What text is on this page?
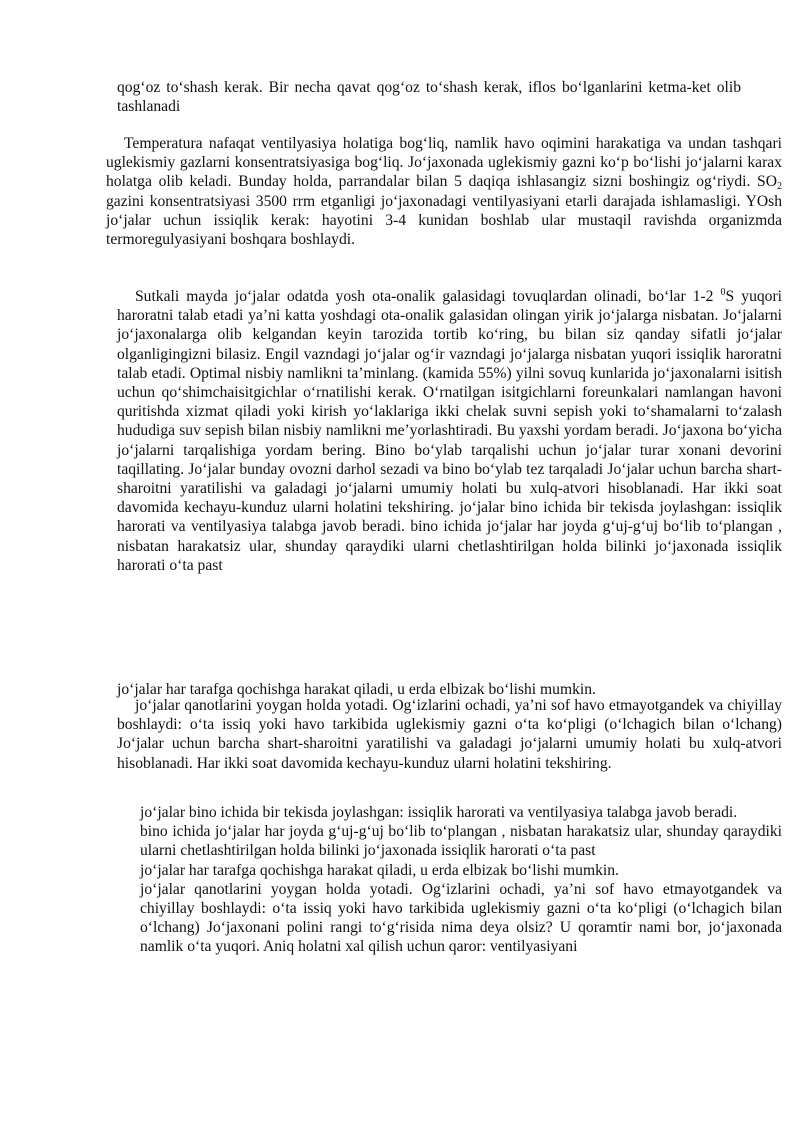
qog‘oz to‘shash kerak. Bir necha qavat qog‘oz to‘shash kerak, iflos bo‘lganlarini ketma-ket olib tashlanadi

Temperatura nafaqat ventilyasiya holatiga bog‘liq, namlik havo oqimini harakatiga va undan tashqari uglekismiy gazlarni konsentratsiyasiga bog‘liq. Jo‘jaxonada uglekismiy gazni ko‘p bo‘lishi jo‘jalarni karax holatga olib keladi. Bunday holda, parrandalar bilan 5 daqiqa ishlasangiz sizni boshingiz og‘riydi. $SO_2$ gazini konsentratsiyasi 3500 rrm etganligi jo‘jaxonadagi ventilyasiyani etarli darajada ishlamasligi. YOsh jo‘jalar uchun issiqlik kerak: hayotini 3-4 kunidan boshlab ular mustaqil ravishda organizmda termoregulyasiyani boshqara boshlaydi.

Sutkali mayda jo‘jalar odatda yosh ota-onalik galasidagi tovuqlardan olinadi, bo‘lar 1-2 $^0$S yuqori haroratni talab etadi ya’ni katta yoshdagi ota-onalik galasidan olingan yirik jo‘jalarga nisbatan. Jo‘jalarni jo‘jaxonalarga olib kelgandan keyin tarozida tortib ko‘ring, bu bilan siz qanday sifatli jo‘jalar olganligingizni bilasiz. Engil vazndagi jo‘jalar og‘ir vazndagi jo‘jalarga nisbatan yuqori issiqlik haroratni talab etadi. Optimal nisbiy namlikni ta’minlang. (kamida 55%) yilni sovuq kunlarida jo‘jaxonalarni isitish uchun qo‘shimchaisitgichlar o‘rnatilishi kerak. O‘rnatilgan isitgichlarni foreunkalari namlangan havoni quritishda xizmat qiladi yoki kirish yo‘laklariga ikki chelak suvni sepish yoki to‘shamalarni to‘zalash hududiga suv sepish bilan nisbiy namlikni me’yorlashtiradi. Bu yaxshi yordam beradi. Jo‘jaxona bo‘yicha jo‘jalarni tarqalishiga yordam bering. Bino bo‘ylab tarqalishi uchun jo‘jalar turar xonani devorini taqillating. Jo‘jalar bunday ovozni darhol sezadi va bino bo‘ylab tez tarqaladi Jo‘jalar uchun barcha shart-sharoitni yaratilishi va galadagi jo‘jalarni umumiy holati bu xulq-atvori hisoblanadi. Har ikki soat davomida kechayu-kunduz ularni holatini tekshiring. jo‘jalar bino ichida bir tekisda joylashgan: issiqlik harorati va ventilyasiya talabga javob beradi. bino ichida jo‘jalar har joyda g‘uj-g‘uj bo‘lib to‘plangan , nisbatan harakatsiz ular, shunday qaraydiki ularni chetlashtirilgan holda bilinki jo‘jaxonada issiqlik harorati o‘ta past

jo‘jalar har tarafga qochishga harakat qiladi, u erda elbizak bo‘lishi mumkin.

jo‘jalar qanotlarini yoygan holda yotadi. Og‘izlarini ochadi, ya’ni sof havo etmayotgandek va chiyillay boshlaydi: o‘ta issiq yoki havo tarkibida uglekismiy gazni o‘ta ko‘pligi (o‘lchagich bilan o‘lchang) Jo‘jalar uchun barcha shart-sharoitni yaratilishi va galadagi jo‘jalarni umumiy holati bu xulq-atvori hisoblanadi. Har ikki soat davomida kechayu-kunduz ularni holatini tekshiring.

jo‘jalar bino ichida bir tekisda joylashgan: issiqlik harorati va ventilyasiya talabga javob beradi.

bino ichida jo‘jalar har joyda g‘uj-g‘uj bo‘lib to‘plangan , nisbatan harakatsiz ular, shunday qaraydiki ularni chetlashtirilgan holda bilinki jo‘jaxonada issiqlik harorati o‘ta past

jo‘jalar har tarafga qochishga harakat qiladi, u erda elbizak bo‘lishi mumkin.

jo‘jalar qanotlarini yoygan holda yotadi. Og‘izlarini ochadi, ya’ni sof havo etmayotgandek va chiyillay boshlaydi: o‘ta issiq yoki havo tarkibida uglekismiy gazni o‘ta ko‘pligi (o‘lchagich bilan o‘lchang) Jo‘jaxonani polini rangi to‘g‘risida nima deya olsiz? U qoramtir nami bor, jo‘jaxonada namlik o‘ta yuqori. Aniq holatni xal qilish uchun qaror: ventilyasiyani
